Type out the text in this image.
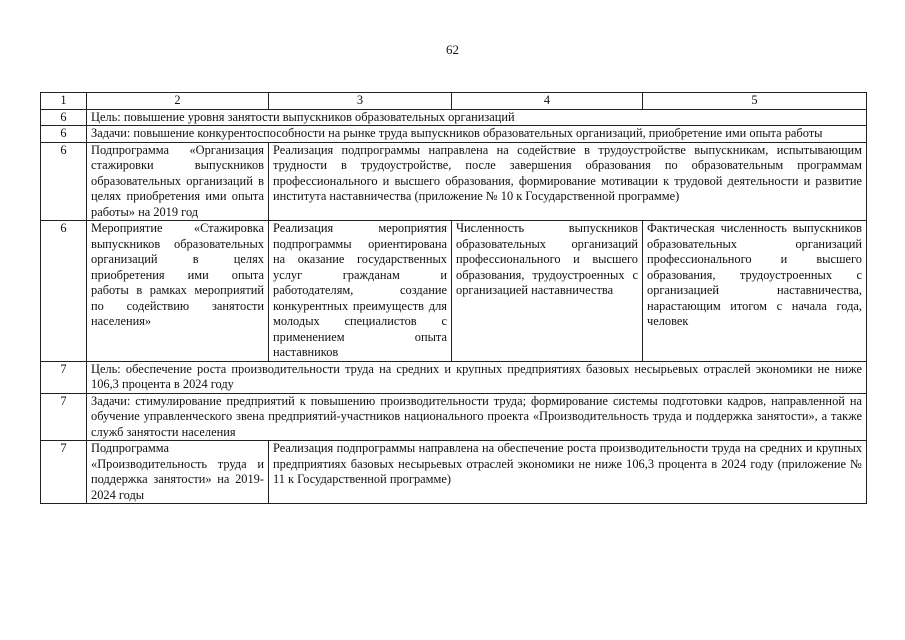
62
1	2	3	4	5
6	Цель: повышение уровня занятости выпускников образовательных организаций			
6	Задачи: повышение конкурентоспособности на рынке труда выпускников образовательных организаций, приобретение ими опыта работы			
6	Подпрограмма «Организация стажировки выпускников образовательных организаций в целях приобретения ими опыта работы» на 2019 год	Реализация подпрограммы направлена на содействие в трудоустройстве выпускникам, испытывающим трудности в трудоустройстве, после завершения образования по образовательным программам профессионального и высшего образования, формирование мотивации к трудовой деятельности и развитие института наставничества (приложение № 10 к Государственной программе)		
6	Мероприятие «Стажировка выпускников образовательных организаций в целях приобретения ими опыта работы в рамках мероприятий по содействию занятости населения»	Реализация мероприятия подпрограммы ориентирована на оказание государственных услуг гражданам и работодателям, создание конкурентных преимуществ для молодых специалистов с применением опыта наставников	Численность выпускников образовательных организаций профессионального и высшего образования, трудоустроенных с организацией наставничества	Фактическая численность выпускников образовательных организаций профессионального и высшего образования, трудоустроенных с организацией наставничества, нарастающим итогом с начала года, человек
7	Цель: обеспечение роста производительности труда на средних и крупных предприятиях базовых несырьевых отраслей экономики не ниже 106,3 процента в 2024 году			
7	Задачи: стимулирование предприятий к повышению производительности труда; формирование системы подготовки кадров, направленной на обучение управленческого звена предприятий-участников национального проекта «Производительность труда и поддержка занятости», а также служб занятости населения			
7	Подпрограмма «Производительность труда и поддержка занятости» на 2019-2024 годы	Реализация подпрограммы направлена на обеспечение роста производительности труда на средних и крупных предприятиях базовых несырьевых отраслей экономики не ниже 106,3 процента в 2024 году (приложение № 11 к Государственной программе)		
